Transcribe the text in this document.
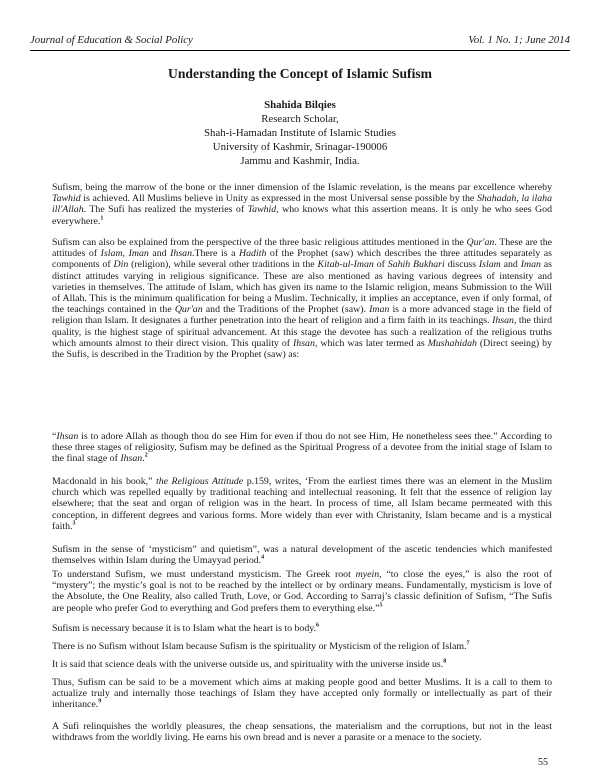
Journal of Education & Social Policy	Vol. 1 No. 1; June 2014
Understanding the Concept of Islamic Sufism
Shahida Bilqies
Research Scholar,
Shah-i-Hamadan Institute of Islamic Studies
University of Kashmir, Srinagar-190006
Jammu and Kashmir, India.
Sufism, being the marrow of the bone or the inner dimension of the Islamic revelation, is the means par excellence whereby Tawhid is achieved. All Muslims believe in Unity as expressed in the most Universal sense possible by the Shahadah, la ilaha ill'Allah. The Sufi has realized the mysteries of Tawhid, who knows what this assertion means. It is only he who sees God everywhere.$^1$
Sufism can also be explained from the perspective of the three basic religious attitudes mentioned in the Qur'an. These are the attitudes of Islam, Iman and Ihsan.There is a Hadith of the Prophet (saw) which describes the three attitudes separately as components of Din (religion), while several other traditions in the Kitab-ul-Iman of Sahih Bukhari discuss Islam and Iman as distinct attitudes varying in religious significance. These are also mentioned as having various degrees of intensity and varieties in themselves. The attitude of Islam, which has given its name to the Islamic religion, means Submission to the Will of Allah. This is the minimum qualification for being a Muslim. Technically, it implies an acceptance, even if only formal, of the teachings contained in the Qur'an and the Traditions of the Prophet (saw). Iman is a more advanced stage in the field of religion than Islam. It designates a further penetration into the heart of religion and a firm faith in its teachings. Ihsan, the third quality, is the highest stage of spiritual advancement. At this stage the devotee has such a realization of the religious truths which amounts almost to their direct vision. This quality of Ihsan, which was later termed as Mushahidah (Direct seeing) by the Sufis, is described in the Tradition by the Prophet (saw) as:
“Ihsan is to adore Allah as though thou do see Him for even if thou do not see Him, He nonetheless sees thee.” According to these three stages of religiosity, Sufism may be defined as the Spiritual Progress of a devotee from the initial stage of Islam to the final stage of Ihsan.$^2$
Macdonald in his book,” the Religious Attitude p.159, writes, ‘From the earliest times there was an element in the Muslim church which was repelled equally by traditional teaching and intellectual reasoning. It felt that the essence of religion lay elsewhere; that the seat and organ of religion was in the heart. In process of time, all Islam became permeated with this conception, in different degrees and various forms. More widely than ever with Christanity, Islam became and is a mystical faith.$^3$
Sufism in the sense of ‘mysticism” and quietism”, was a natural development of the ascetic tendencies which manifested themselves within Islam during the Umayyad period.$^4$
To understand Sufism, we must understand mysticism. The Greek root myein, “to close the eyes,” is also the root of “mystery”; the mystic’s goal is not to be reached by the intellect or by ordinary means. Fundamentally, mysticism is love of the Absolute, the One Reality, also called Truth, Love, or God. According to Sarraj’s classic definition of Sufism, “The Sufis are people who prefer God to everything and God prefers them to everything else.”$^5$
Sufism is necessary because it is to Islam what the heart is to body.$^6$
There is no Sufism without Islam because Sufism is the spirituality or Mysticism of the religion of Islam.$^7$
It is said that science deals with the universe outside us, and spirituality with the universe inside us.$^8$
Thus, Sufism can be said to be a movement which aims at making people good and better Muslims. It is a call to them to actualize truly and internally those teachings of Islam they have accepted only formally or intellectually as part of their inheritance.$^9$
A Sufi relinquishes the worldly pleasures, the cheap sensations, the materialism and the corruptions, but not in the least withdraws from the worldly living. He earns his own bread and is never a parasite or a menace to the society.
55
